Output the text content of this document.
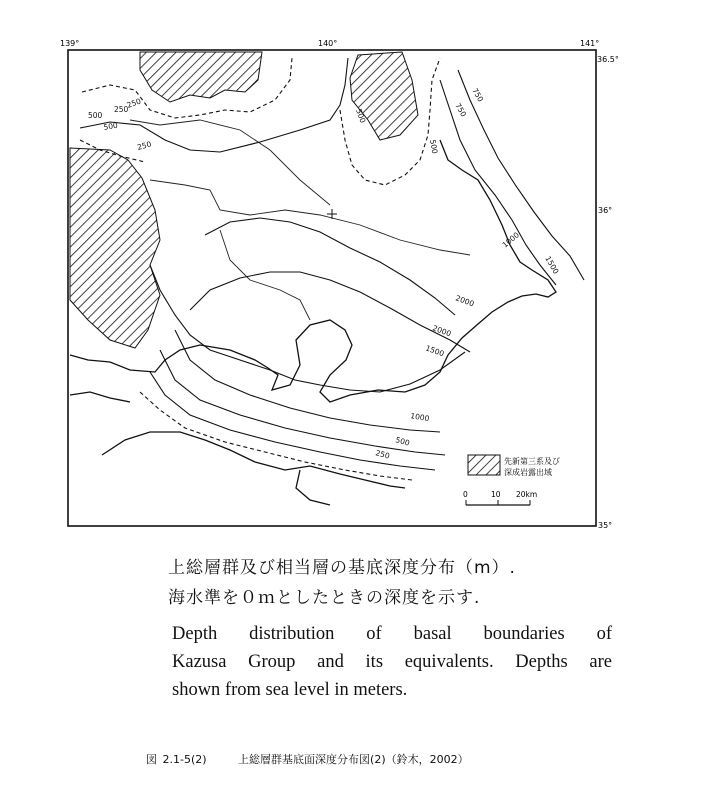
250
500
250
500
250	500	750
500
750
1000
1500
2000
2000
1500
1000
500
250
先新第三系及び
深成岩露出域
0	10 20km
139°	140°	141°
36.5°
36°
35°
上総層群及び相当層の基底深度分布（m）.
海水準を０ｍとしたときの深度を示す.
Depth distribution of basal boundaries of
Kazusa Group and its equivalents. Depths are
shown from sea level in meters.
図 2.1-5(2)	上総層群基底面深度分布図(2)（鈴木，2002）
